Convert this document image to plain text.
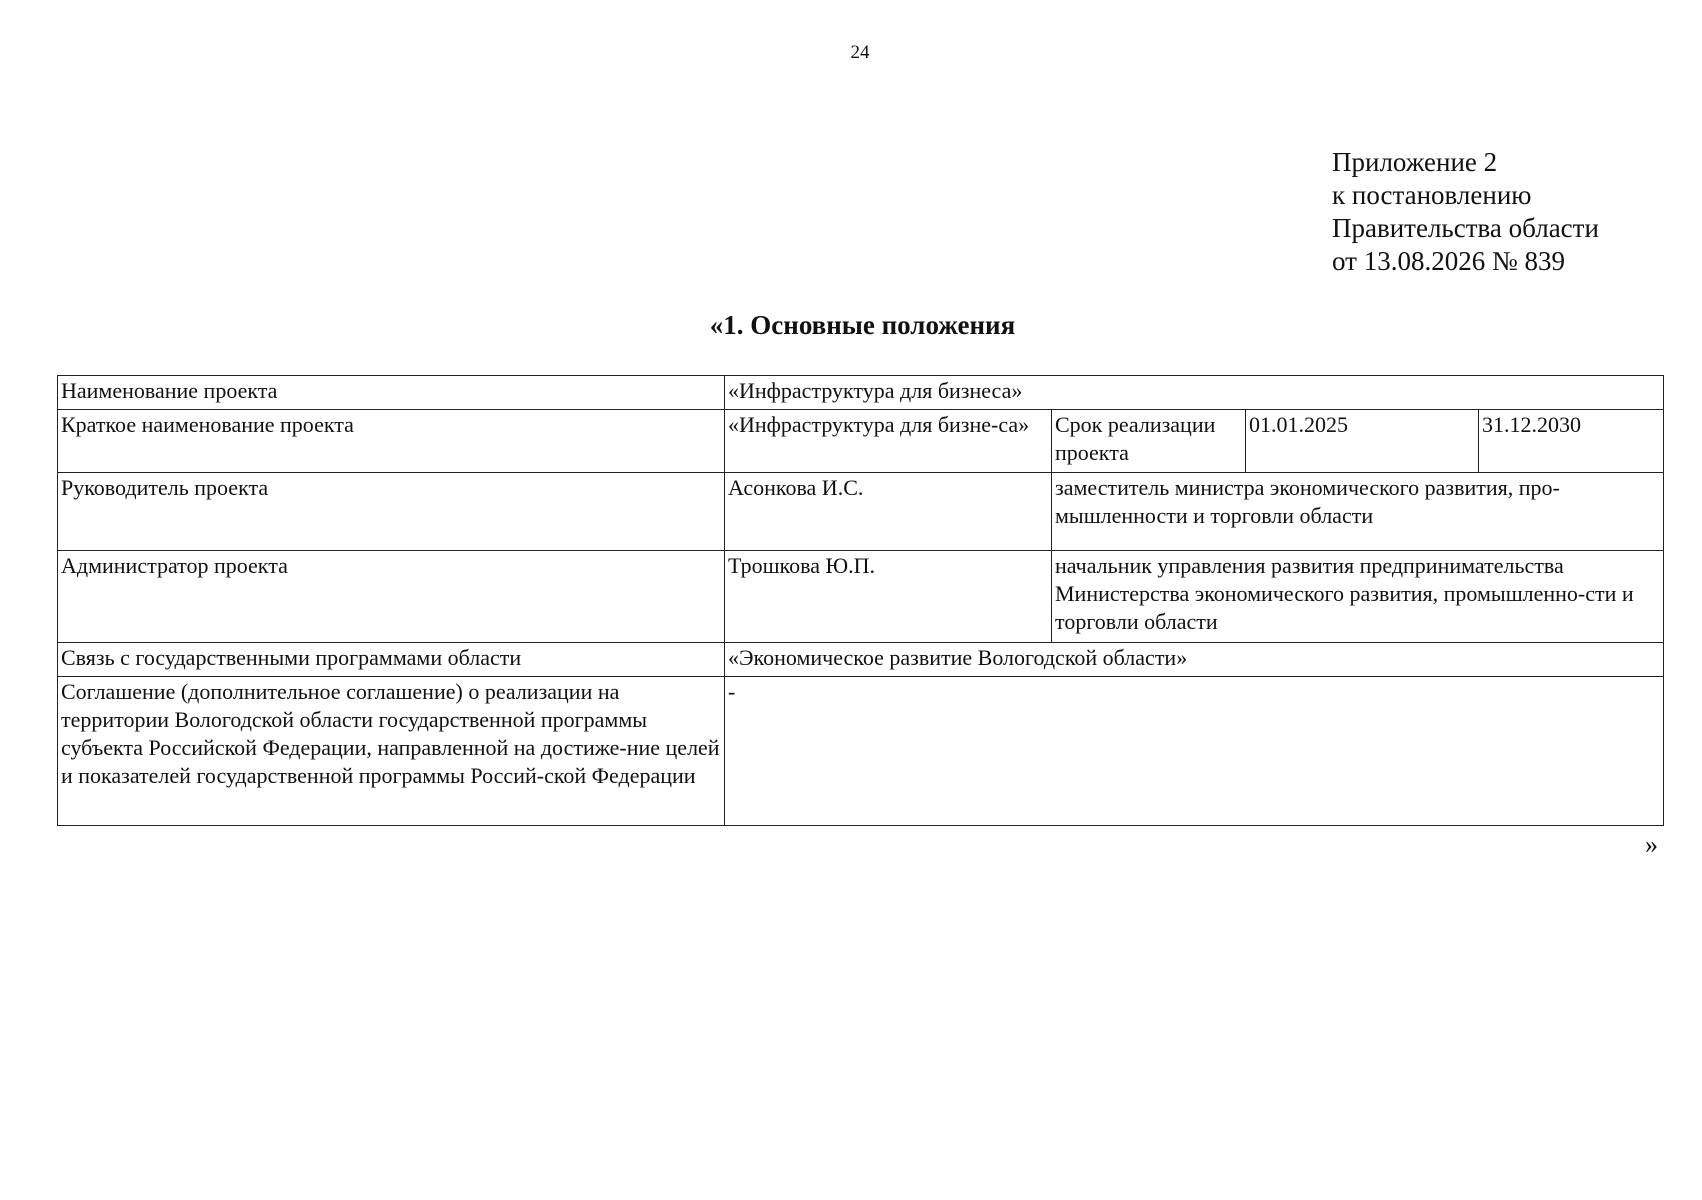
24
Приложение 2
к постановлению
Правительства области
от 13.08.2026 № 839
«1. Основные положения
Наименование проекта	«Инфраструктура для бизнеса»			
Краткое наименование проекта	«Инфраструктура для бизне-са»	Срок реализации проекта	01.01.2025	31.12.2030
Руководитель проекта	Асонкова И.С.	заместитель министра экономического развития, про-мышленности и торговли области		
Администратор проекта	Трошкова Ю.П.	начальник управления развития предпринимательства Министерства экономического развития, промышленно-сти и торговли области		
Связь с государственными программами области	«Экономическое развитие Вологодской области»			
Соглашение (дополнительное соглашение) о реализации на территории Вологодской области государственной программы субъекта Российской Федерации, направленной на достиже-ние целей и показателей государственной программы Россий-ской Федерации	-			
»
